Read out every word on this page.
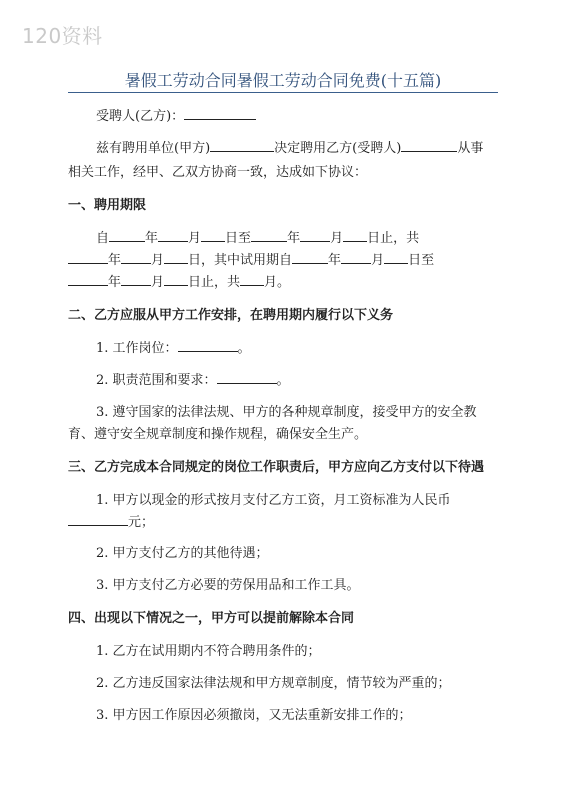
120资料
暑假工劳动合同暑假工劳动合同免费(十五篇)
受聘人(乙方)：
兹有聘用单位(甲方)	决定聘用乙方(受聘人)	从事
相关工作，经甲、乙双方协商一致，达成如下协议：
一、聘用期限
自	年 月 日至	年 月 日止，共
年 月 日，其中试用期自	年 月 日至
年 月 日止，共 月。
二、乙方应服从甲方工作安排，在聘用期内履行以下义务
1. 工作岗位：	。
2. 职责范围和要求：	。
3. 遵守国家的法律法规、甲方的各种规章制度，接受甲方的安全教
育、遵守安全规章制度和操作规程，确保安全生产。
三、乙方完成本合同规定的岗位工作职责后，甲方应向乙方支付以下待遇
1. 甲方以现金的形式按月支付乙方工资，月工资标准为人民币
元；
2. 甲方支付乙方的其他待遇；
3. 甲方支付乙方必要的劳保用品和工作工具。
四、出现以下情况之一，甲方可以提前解除本合同
1. 乙方在试用期内不符合聘用条件的；
2. 乙方违反国家法律法规和甲方规章制度，情节较为严重的；
3. 甲方因工作原因必须撤岗，又无法重新安排工作的；
